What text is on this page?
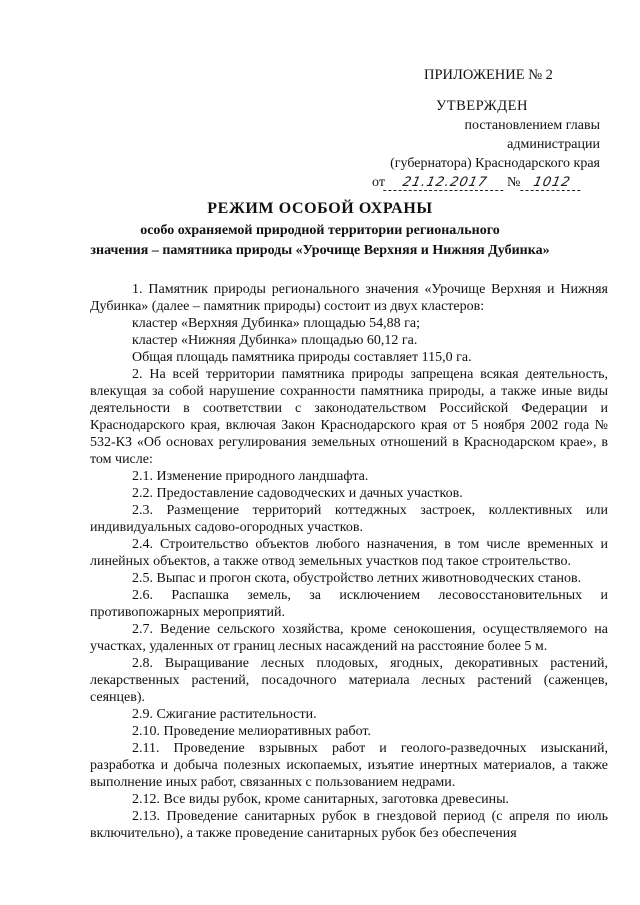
ПРИЛОЖЕНИЕ № 2
УТВЕРЖДЕН
постановлением главы администрации
(губернатора) Краснодарского края
от 21.12.2017 № 1012
РЕЖИМ ОСОБОЙ ОХРАНЫ
особо охраняемой природной территории регионального
значения – памятника природы «Урочище Верхняя и Нижняя Дубинка»

1. Памятник природы регионального значения «Урочище Верхняя и Нижняя Дубинка» (далее – памятник природы) состоит из двух кластеров:

кластер «Верхняя Дубинка» площадью 54,88 га;

кластер «Нижняя Дубинка» площадью 60,12 га.

Общая площадь памятника природы составляет 115,0 га.

2. На всей территории памятника природы запрещена всякая деятельность, влекущая за собой нарушение сохранности памятника природы, а также иные виды деятельности в соответствии с законодательством Российской Федерации и Краснодарского края, включая Закон Краснодарского края от 5 ноября 2002 года № 532-КЗ «Об основах регулирования земельных отношений в Краснодарском крае», в том числе:

2.1. Изменение природного ландшафта.

2.2. Предоставление садоводческих и дачных участков.

2.3. Размещение территорий коттеджных застроек, коллективных или индивидуальных садово-огородных участков.

2.4. Строительство объектов любого назначения, в том числе временных и линейных объектов, а также отвод земельных участков под такое строительство.

2.5. Выпас и прогон скота, обустройство летних животноводческих станов.

2.6. Распашка земель, за исключением лесовосстановительных и противопожарных мероприятий.

2.7. Ведение сельского хозяйства, кроме сенокошения, осуществляемого на участках, удаленных от границ лесных насаждений на расстояние более 5 м.

2.8. Выращивание лесных плодовых, ягодных, декоративных растений, лекарственных растений, посадочного материала лесных растений (саженцев, сеянцев).

2.9. Сжигание растительности.

2.10. Проведение мелиоративных работ.

2.11. Проведение взрывных работ и геолого-разведочных изысканий, разработка и добыча полезных ископаемых, изъятие инертных материалов, а также выполнение иных работ, связанных с пользованием недрами.

2.12. Все виды рубок, кроме санитарных, заготовка древесины.

2.13. Проведение санитарных рубок в гнездовой период (с апреля по июль включительно), а также проведение санитарных рубок без обеспечения
